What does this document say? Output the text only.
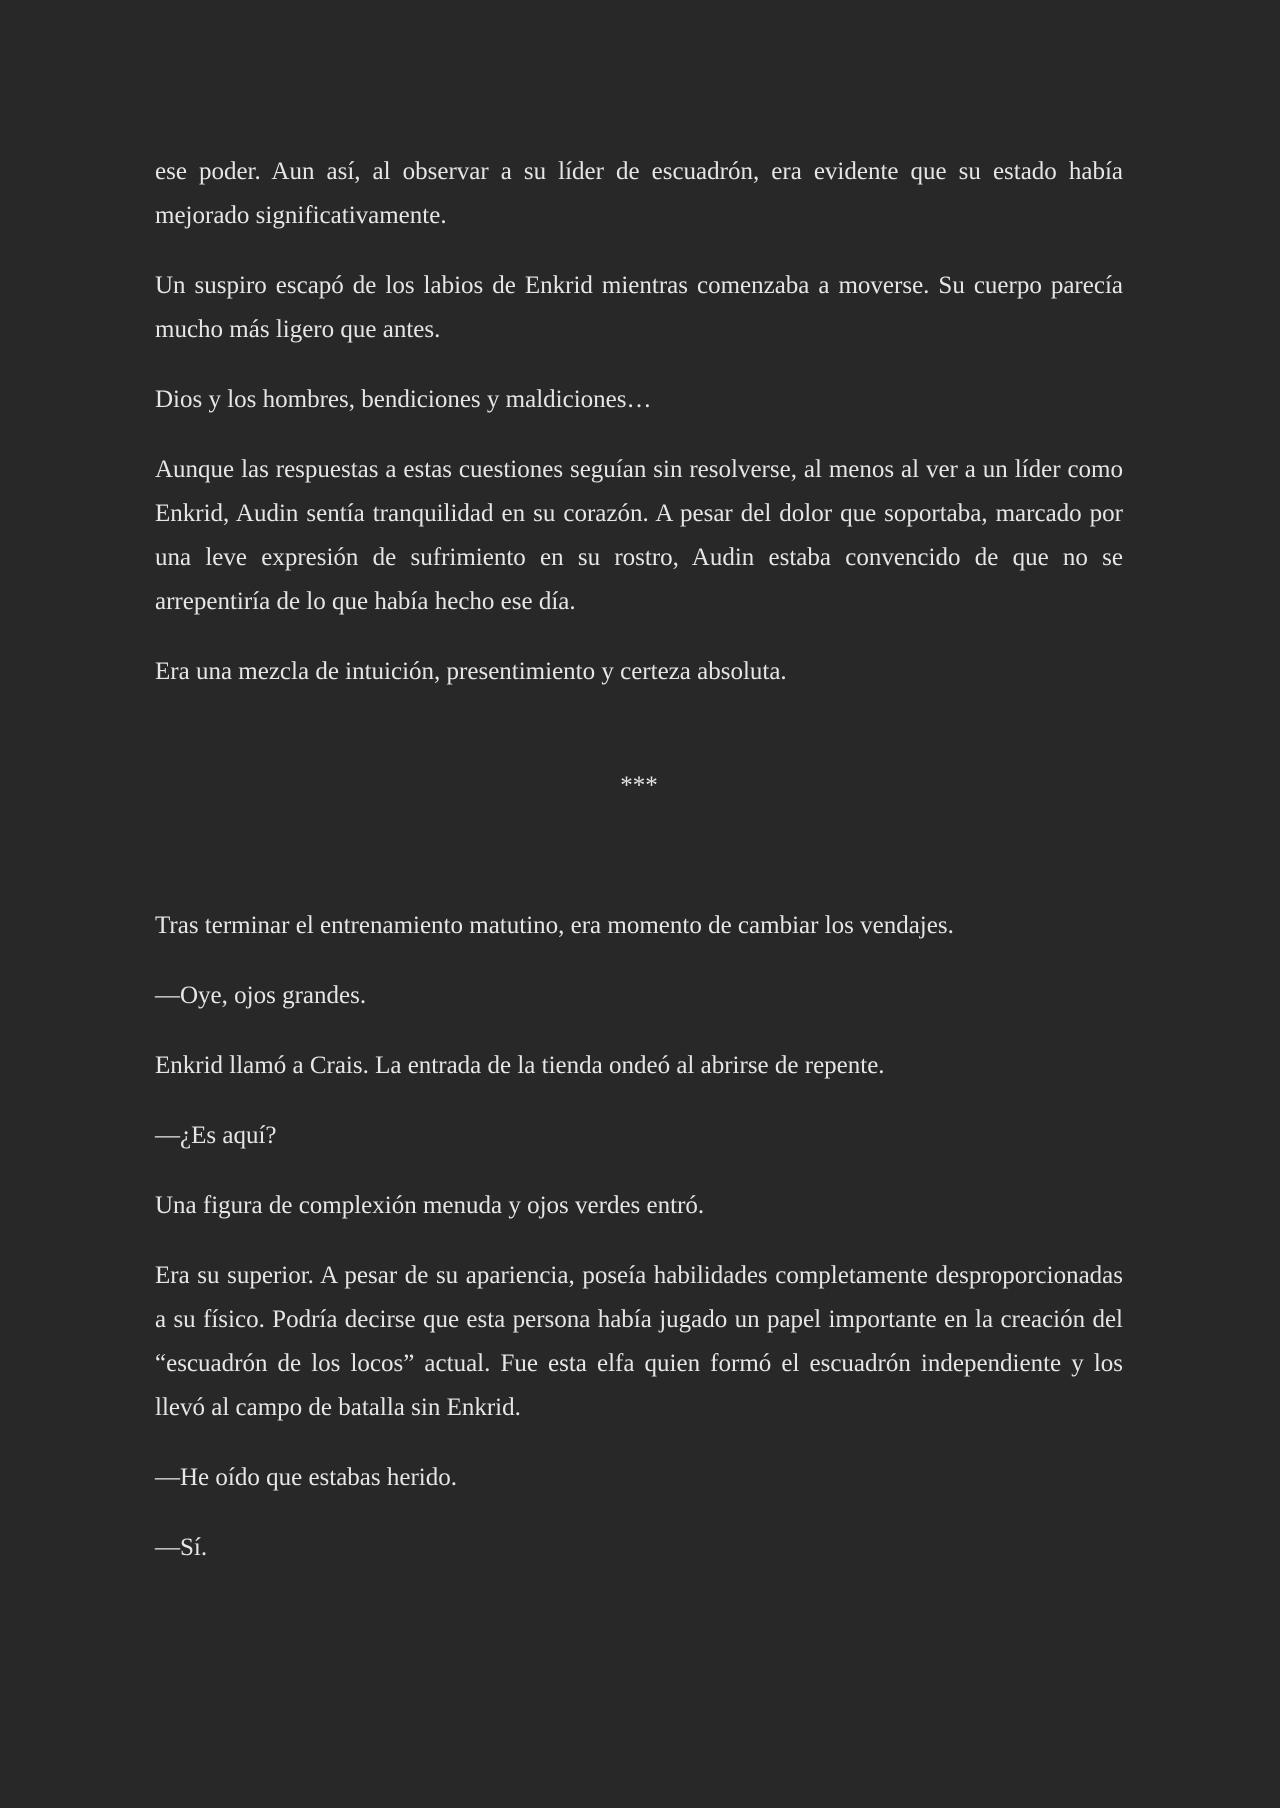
ese poder. Aun así, al observar a su líder de escuadrón, era evidente que su estado había mejorado significativamente.

Un suspiro escapó de los labios de Enkrid mientras comenzaba a moverse. Su cuerpo parecía mucho más ligero que antes.

Dios y los hombres, bendiciones y maldiciones…

Aunque las respuestas a estas cuestiones seguían sin resolverse, al menos al ver a un líder como Enkrid, Audin sentía tranquilidad en su corazón. A pesar del dolor que soportaba, marcado por una leve expresión de sufrimiento en su rostro, Audin estaba convencido de que no se arrepentiría de lo que había hecho ese día.

Era una mezcla de intuición, presentimiento y certeza absoluta.

***

Tras terminar el entrenamiento matutino, era momento de cambiar los vendajes.

—Oye, ojos grandes.

Enkrid llamó a Crais. La entrada de la tienda ondeó al abrirse de repente.

—¿Es aquí?

Una figura de complexión menuda y ojos verdes entró.

Era su superior. A pesar de su apariencia, poseía habilidades completamente desproporcionadas a su físico. Podría decirse que esta persona había jugado un papel importante en la creación del “escuadrón de los locos” actual. Fue esta elfa quien formó el escuadrón independiente y los llevó al campo de batalla sin Enkrid.

—He oído que estabas herido.

—Sí.
